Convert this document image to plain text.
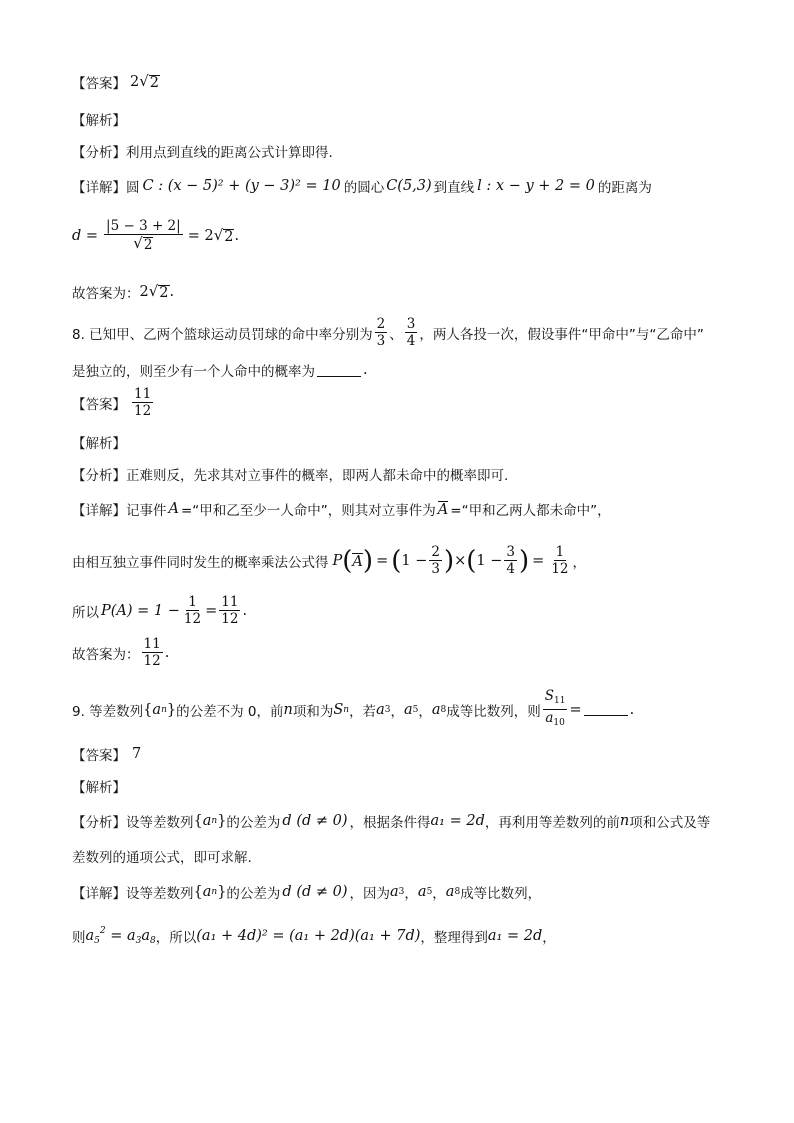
【答案】 2 √ 2
【解析】
【分析】 利用点到直线的距离公式计算即得.
【详解】 圆 C : (x − 5)² + (y − 3)² = 10 的圆心 C(5,3) 到直线 l : x − y + 2 = 0 的距离为
$d = \frac{|5 - 3 + 2|}{√ 2} = 2$ √ 2 .
故答案为： 2 √ 2 .
8. 已知甲、乙两个篮球运动员罚球的命中率分别为 $\frac{2}{3}$ 、 $\frac{3}{4}$ ，两人各投一次，假设事件“甲命中”与“乙命中”
是独立的，则至少有一个人命中的概率为	.
【答案】 $\frac{11}{12}$
【解析】
【分析】 正难则反，先求其对立事件的概率，即两人都未命中的概率即可.
【详解】 记事件 A =“甲和乙至少一人命中”，则其对立事件为 A =“甲和乙两人都未命中”，
由相互独立事件同时发生的概率乘法公式得 P ( A ) = ( $1 - \frac{2}{3}$ ) × ( $1 - \frac{3}{4}$ ) = $\frac{1}{12}$ ，
所以 $P(A) = 1 - \frac{1}{12} = \frac{11}{12}$ .
故答案为： $\frac{11}{12}$ .
9. 等差数列 { a n } 的公差不为 0，前 n 项和为 S n ，若 a 3 ， a 5 ， a 8 成等比数列，则 $\frac{S_{11}}{a_{10}}$ =	.
【答案】 7
【解析】
【分析】 设等差数列 { a n } 的公差为 d (d ≠ 0) ，根据条件得 a₁ = 2d ，再利用等差数列的前 n 项和公式及等
差数列的通项公式，即可求解.
【详解】 设等差数列 { a n } 的公差为 d (d ≠ 0) ，因为 a 3 ， a 5 ， a 8 成等比数列，
则 $a_5^2 = a_3a_8$ ，所以 (a₁ + 4d)² = (a₁ + 2d)(a₁ + 7d) ，整理得到 a₁ = 2d ，
